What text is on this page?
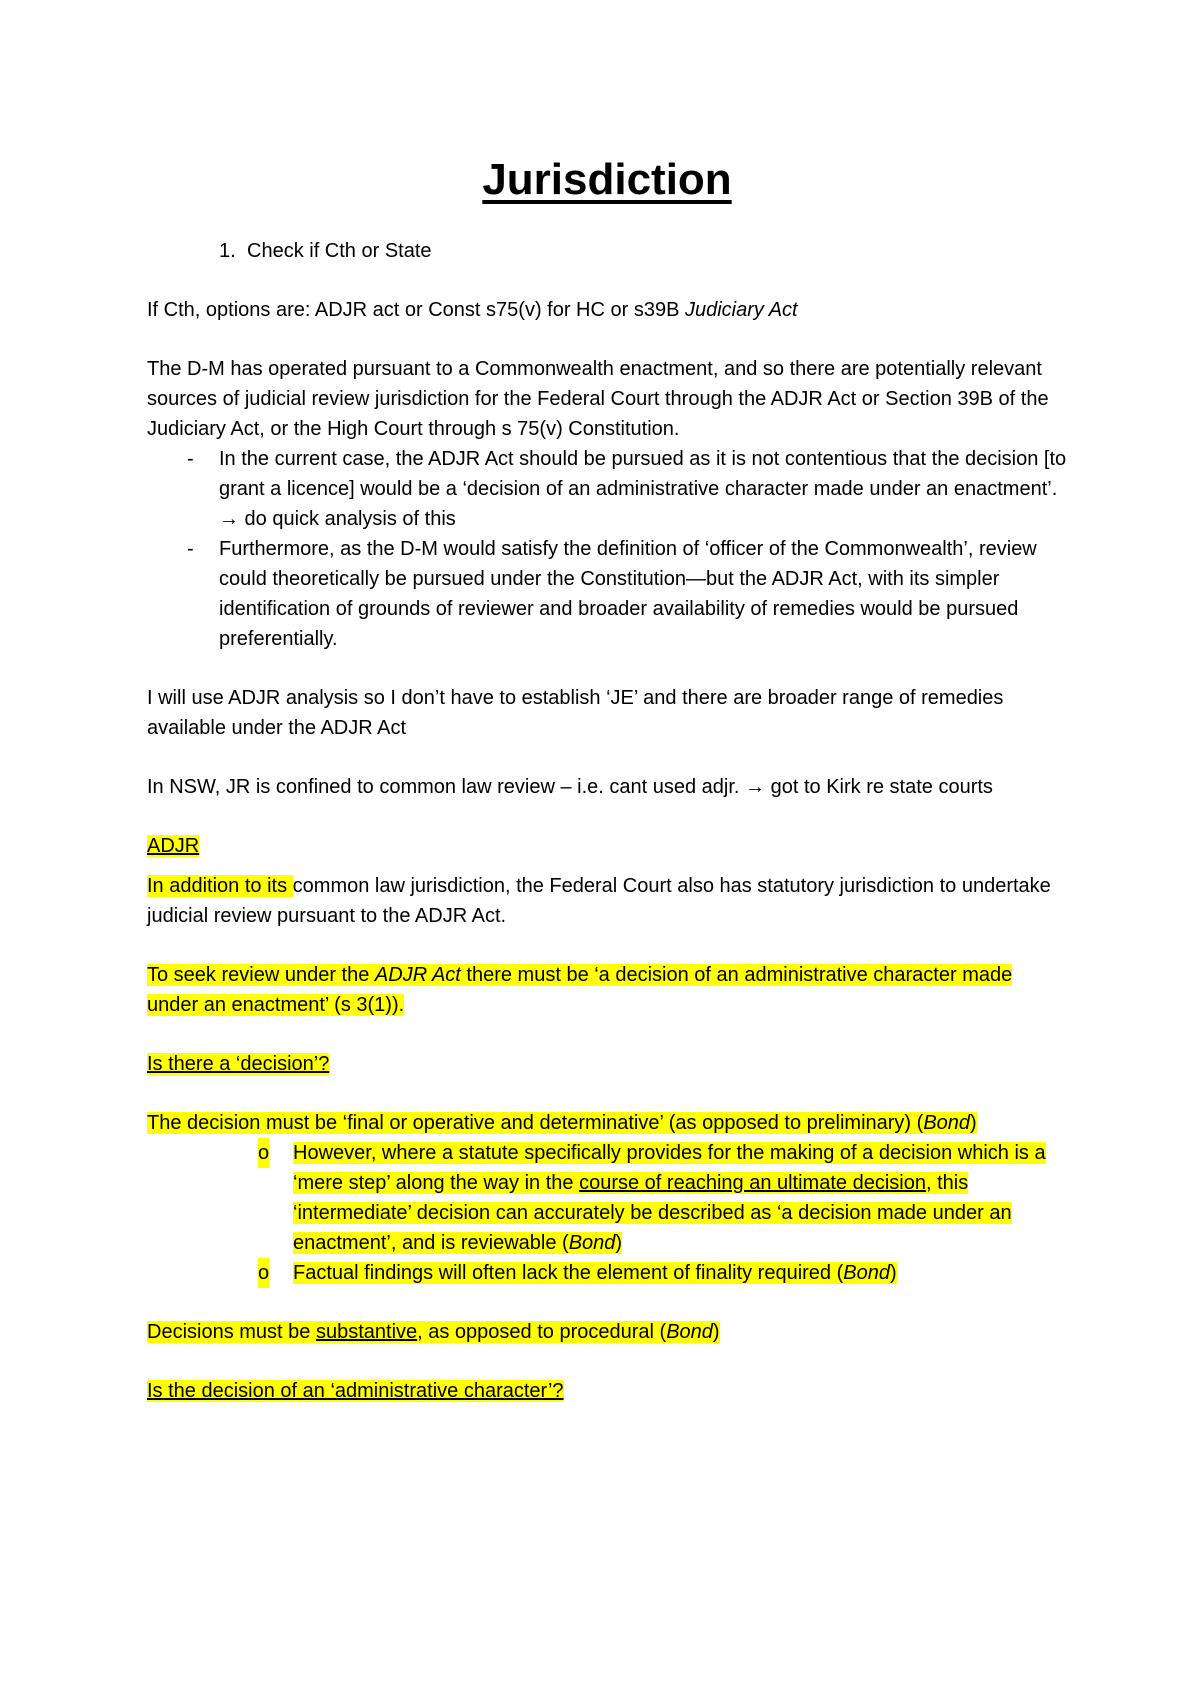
Jurisdiction
1. Check if Cth or State

If Cth, options are: ADJR act or Const s75(v) for HC or s39B Judiciary Act

The D-M has operated pursuant to a Commonwealth enactment, and so there are potentially relevant sources of judicial review jurisdiction for the Federal Court through the ADJR Act or Section 39B of the Judiciary Act, or the High Court through s 75(v) Constitution.

- In the current case, the ADJR Act should be pursued as it is not contentious that the decision [to grant a licence] would be a ‘decision of an administrative character made under an enactment’. → do quick analysis of this
- Furthermore, as the D-M would satisfy the definition of ‘officer of the Commonwealth’, review could theoretically be pursued under the Constitution—but the ADJR Act, with its simpler identification of grounds of reviewer and broader availability of remedies would be pursued preferentially.

I will use ADJR analysis so I don’t have to establish ‘JE’ and there are broader range of remedies available under the ADJR Act

In NSW, JR is confined to common law review – i.e. cant used adjr. → got to Kirk re state courts

ADJR

In addition to its common law jurisdiction, the Federal Court also has statutory jurisdiction to undertake judicial review pursuant to the ADJR Act.

To seek review under the ADJR Act there must be ‘a decision of an administrative character made under an enactment’ (s 3(1)).

Is there a ‘decision’?

The decision must be ‘final or operative and determinative’ (as opposed to preliminary) (Bond)

o However, where a statute specifically provides for the making of a decision which is a ‘mere step’ along the way in the course of reaching an ultimate decision, this ‘intermediate’ decision can accurately be described as ‘a decision made under an enactment’, and is reviewable (Bond)
o Factual findings will often lack the element of finality required (Bond)

Decisions must be substantive, as opposed to procedural (Bond)

Is the decision of an ‘administrative character’?
